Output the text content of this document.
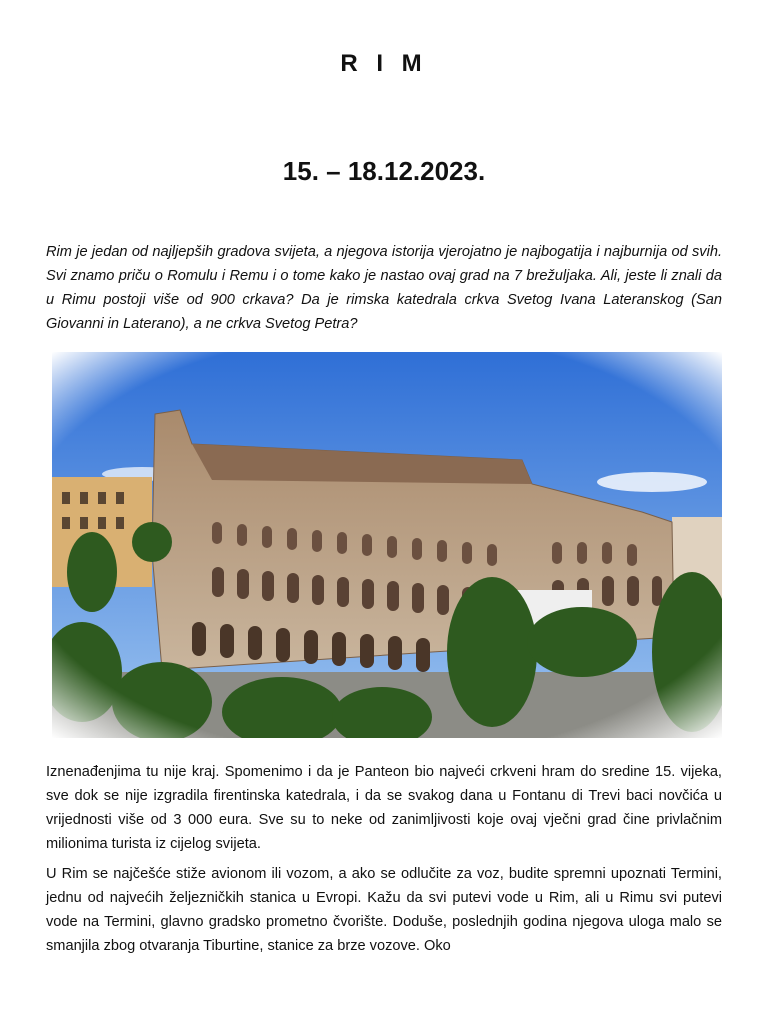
R I M
15. – 18.12.2023.

Rim je jedan od najljepših gradova svijeta, a njegova istorija vjerojatno je najbogatija i najburnija od svih. Svi znamo priču o Romulu i Remu i o tome kako je nastao ovaj grad na 7 brežuljaka. Ali, jeste li znali da u Rimu postoji više od 900 crkava? Da je rimska katedrala crkva Svetog Ivana Lateranskog (San Giovanni in Laterano), a ne crkva Svetog Petra?

Iznenađenjima tu nije kraj. Spomenimo i da je Panteon bio najveći crkveni hram do sredine 15. vijeka, sve dok se nije izgradila firentinska katedrala, i da se svakog dana u Fontanu di Trevi baci novčića u vrijednosti više od 3 000 eura. Sve su to neke od zanimljivosti koje ovaj vječni grad čine privlačnim milionima turista iz cijelog svijeta.

U Rim se najčešće stiže avionom ili vozom, a ako se odlučite za voz, budite spremni upoznati Termini, jednu od najvećih željezničkih stanica u Evropi. Kažu da svi putevi vode u Rim, ali u Rimu svi putevi vode na Termini, glavno gradsko prometno čvorište. Doduše, poslednjih godina njegova uloga malo se smanjila zbog otvaranja Tiburtine, stanice za brze vozove. Oko
